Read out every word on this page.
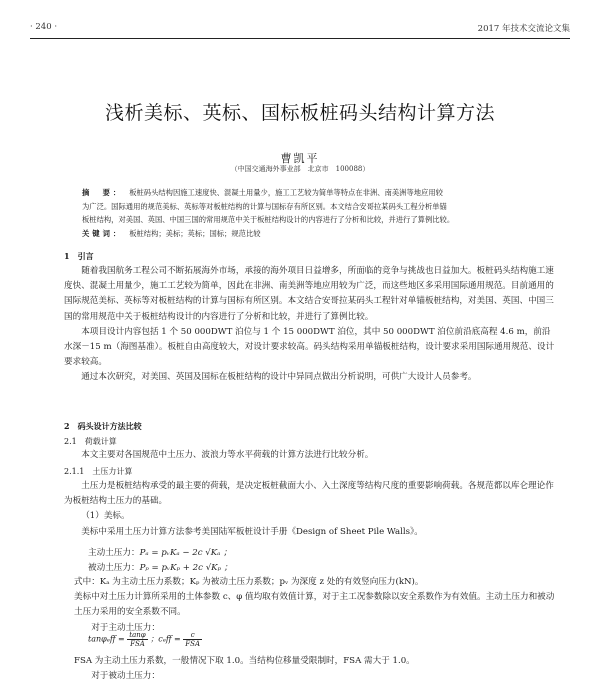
· 240 ·	2017 年技术交流论文集
浅析美标、英标、国标板桩码头结构计算方法
曹凯平
（中国交通海外事业部　北京市　100088）
摘　要： 板桩码头结构因施工速度快、混凝土用量少，施工工艺较为简单等特点在非洲、南美洲等地应用较
为广泛。国际通用的规范美标、英标等对板桩结构的计算与国标存有所区别。本文结合安哥拉某码头工程分析单锚
板桩结构，对美国、英国、中国三国的常用规范中关于板桩结构设计的内容进行了分析和比较，并进行了算例比较。
关键词： 板桩结构；美标；英标；国标；规范比较
1　引言

随着我国航务工程公司不断拓展海外市场，承接的海外项目日益增多，所面临的竞争与挑战也日益加大。板桩码头结构施工速度快、混凝土用量少，施工工艺较为简单，因此在非洲、南美洲等地应用较为广泛，而这些地区多采用国际通用规范。目前通用的国际规范美标、英标等对板桩结构的计算与国标有所区别。本文结合安哥拉某码头工程针对单锚板桩结构，对美国、英国、中国三国的常用规范中关于板桩结构设计的内容进行了分析和比较，并进行了算例比较。

本项目设计内容包括 1 个 50 000DWT 泊位与 1 个 15 000DWT 泊位，其中 50 000DWT 泊位前沿底高程 4.6 m，前沿水深－15 m（海图基准）。板桩自由高度较大，对设计要求较高。码头结构采用单锚板桩结构，设计要求采用国际通用规范、设计要求较高。

通过本次研究，对美国、英国及国标在板桩结构的设计中异同点做出分析说明，可供广大设计人员参考。

2　码头设计方法比较
2.1　荷载计算

本文主要对各国规范中土压力、波浪力等水平荷载的计算方法进行比较分析。

2.1.1　土压力计算

土压力是板桩结构承受的最主要的荷载，是决定板桩截面大小、入土深度等结构尺度的重要影响荷载。各规范都以库仑理论作为板桩结构土压力的基础。

（1）美标。

美标中采用土压力计算方法参考美国陆军板桩设计手册《Design of Sheet Pile Walls》。

主动土压力：Pₐ = pᵥKₐ − 2c √Kₐ ；
被动土压力：Pₚ = pᵥKₚ + 2c √Kₚ ；

式中：Kₐ 为主动土压力系数；Kₚ 为被动土压力系数；pᵥ 为深度 z 处的有效竖向压力(kN)。

美标中对土压力计算所采用的土体参数 c、φ 值均取有效值计算，对于主工况参数除以安全系数作为有效值。主动土压力和被动土压力采用的安全系数不同。

对于主动土压力：

$\tan\varphi_eff = \frac{\tan\varphi}{\text{FSA}}$ ；$c_eff = \frac{c}{\text{FSA}}$

FSA 为主动土压力系数，一般情况下取 1.0。当结构位移量受限制时，FSA 需大于 1.0。

对于被动土压力：
